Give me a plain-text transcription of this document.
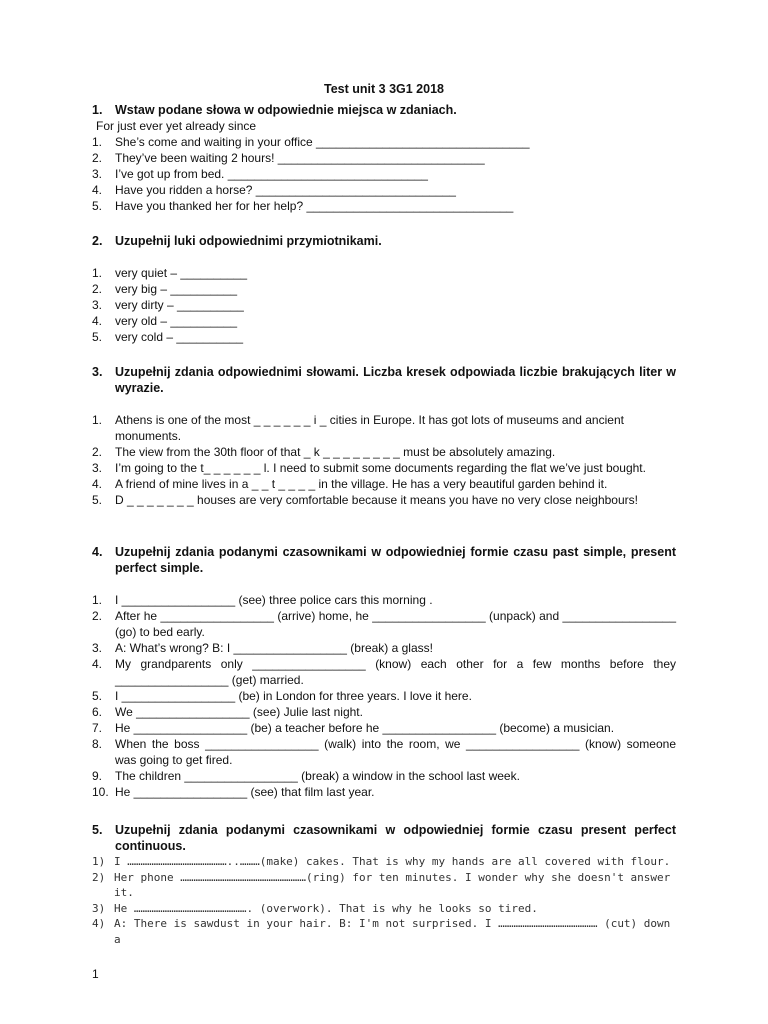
Test unit 3 3G1 2018
1.	Wstaw podane słowa w odpowiednie miejsca w zdaniach.
For just ever yet already since
1.	She’s come and waiting in your office ________________________________
2.	They’ve been waiting 2 hours! _______________________________
3.	I’ve got up from bed. ______________________________
4.	Have you ridden a horse? ______________________________
5.	Have you thanked her for her help? _______________________________
2.	Uzupełnij luki odpowiednimi przymiotnikami.
1.	very quiet – __________
2.	very big – __________
3.	very dirty – __________
4.	very old – __________
5.	very cold – __________
3.	Uzupełnij zdania odpowiednimi słowami. Liczba kresek odpowiada liczbie brakujących liter w wyrazie.
1.	Athens is one of the most _ _ _ _ _ _ i _ cities in Europe. It has got lots of museums and ancient monuments.
2.	The view from the 30th floor of that _ k _ _ _ _ _ _ _ _ must be absolutely amazing.
3.	I’m going to the t_ _ _ _ _ _ l. I need to submit some documents regarding the flat we’ve just bought.
4.	A friend of mine lives in a _ _ t _ _ _ _ in the village. He has a very beautiful garden behind it.
5.	D _ _ _ _ _ _ _ houses are very comfortable because it means you have no very close neighbours!
4.	Uzupełnij zdania podanymi czasownikami w odpowiedniej formie czasu past simple, present perfect simple.
1.	I _________________ (see) three police cars this morning .
2.	After he _________________ (arrive) home, he _________________ (unpack) and _________________ (go) to bed early.
3.	A: What’s wrong? B: I _________________ (break) a glass!
4.	My grandparents only _________________ (know) each other for a few months before they _________________ (get) married.
5.	I _________________ (be) in London for three years. I love it here.
6.	We _________________ (see) Julie last night.
7.	He _________________ (be) a teacher before he _________________ (become) a musician.
8.	When the boss _________________ (walk) into the room, we _________________ (know) someone was going to get fired.
9.	The children _________________ (break) a window in the school last week.
10. He _________________ (see) that film last year.
5.	Uzupełnij zdania podanymi czasownikami w odpowiedniej formie czasu present perfect continuous.
1) I ………………………………………..………(make) cakes. That is why my hands are all covered with flour.
2) Her phone …………………………………………………(ring) for ten minutes. I wonder why she doesn't answer it.
3) He ……………………………………………. (overwork). That is why he looks so tired.
4) A: There is sawdust in your hair. B: I'm not surprised. I ……………………………………… (cut) down a
1
